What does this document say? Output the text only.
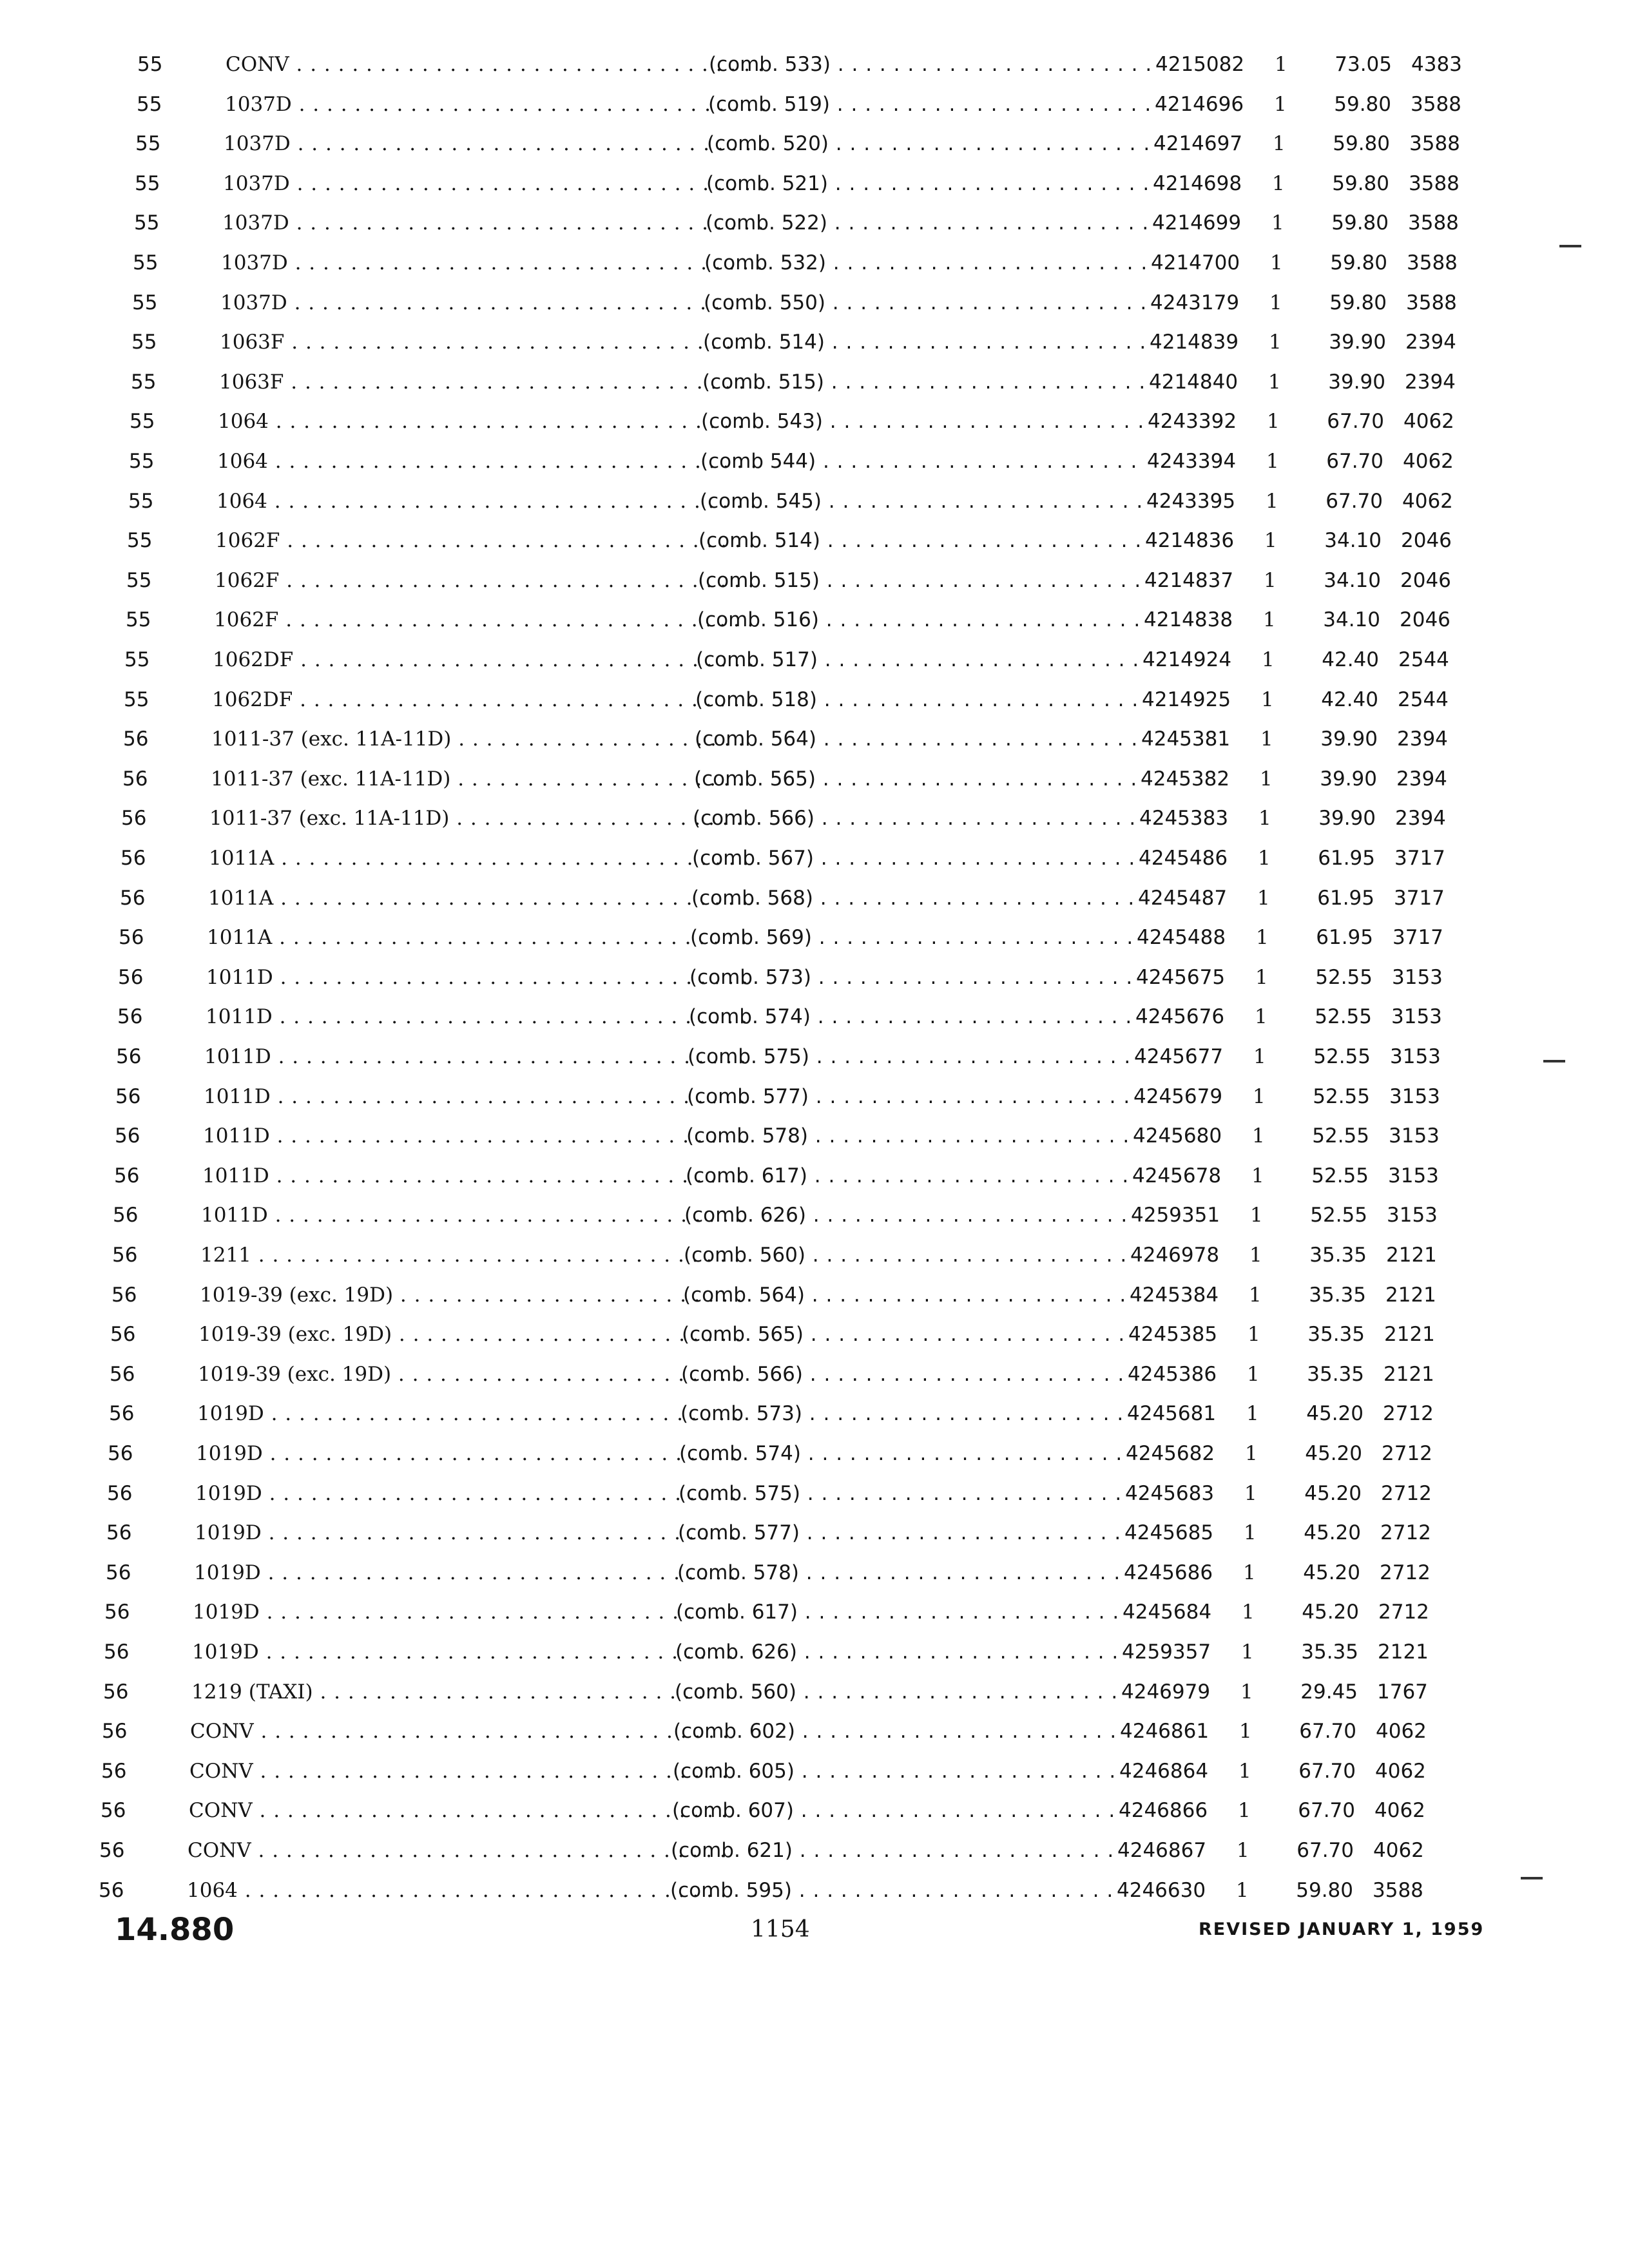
55	CONV . . .	(comb. 533) . . .	4215082 1	73.05 4383
55	1037D . . .	(comb. 519) . . .	4214696 1	59.80 3588
55	1037D . . .	(comb. 520) . . .	4214697 1	59.80 3588
55	1037D . . .	(comb. 521) . . .	4214698 1	59.80 3588
55	1037D . . .	(comb. 522) . . .	4214699 1	59.80 3588
55	1037D . . .	(comb. 532) . . .	4214700 1	59.80 3588
55	1037D . . .	(comb. 550) . . .	4243179 1	59.80 3588
55	1063F . . .	(comb. 514) . . .	4214839 1	39.90 2394
55	1063F . . .	(comb. 515) . . .	4214840 1	39.90 2394
55	1064 . . .	(comb. 543) . . .	4243392 1	67.70 4062
55	1064 . . .	(comb 544) . . .	4243394 1	67.70 4062
55	1064 . . .	(comb. 545) . . .	4243395 1	67.70 4062
55	1062F . . .	(comb. 514) . . .	4214836 1	34.10 2046
55	1062F . . .	(comb. 515) . . .	4214837 1	34.10 2046
55	1062F . . .	(comb. 516) . . .	4214838 1	34.10 2046
55	1062DF . . .	(comb. 517) . . .	4214924 1	42.40 2544
55	1062DF . . .	(comb. 518) . . .	4214925 1	42.40 2544
56	1011-37 (exc. 11A-11D) . . .	(comb. 564) . . .	4245381 1	39.90 2394
56	1011-37 (exc. 11A-11D) . . .	(comb. 565) . . .	4245382 1	39.90 2394
56	1011-37 (exc. 11A-11D) . . .	(comb. 566) . . .	4245383 1	39.90 2394
56	1011A . . .	(comb. 567) . . .	4245486 1	61.95 3717
56	1011A . . .	(comb. 568) . . .	4245487 1	61.95 3717
56	1011A . . .	(comb. 569) . . .	4245488 1	61.95 3717
56	1011D . . .	(comb. 573) . . .	4245675 1	52.55 3153
56	1011D . . .	(comb. 574) . . .	4245676 1	52.55 3153
56	1011D . . .	(comb. 575) . . .	4245677 1	52.55 3153
56	1011D . . .	(comb. 577) . . .	4245679 1	52.55 3153
56	1011D . . .	(comb. 578) . . .	4245680 1	52.55 3153
56	1011D . . .	(comb. 617) . . .	4245678 1	52.55 3153
56	1011D . . .	(comb. 626) . . .	4259351 1	52.55 3153
56	1211 . . .	(comb. 560) . . .	4246978 1	35.35 2121
56	1019-39 (exc. 19D) . . .	(comb. 564) . . .	4245384 1	35.35 2121
56	1019-39 (exc. 19D) . . .	(comb. 565) . . .	4245385 1	35.35 2121
56	1019-39 (exc. 19D) . . .	(comb. 566) . . .	4245386 1	35.35 2121
56	1019D . . .	(comb. 573) . . .	4245681 1	45.20 2712
56	1019D . . .	(comb. 574) . . .	4245682 1	45.20 2712
56	1019D . . .	(comb. 575) . . .	4245683 1	45.20 2712
56	1019D . . .	(comb. 577) . . .	4245685 1	45.20 2712
56	1019D . . .	(comb. 578) . . .	4245686 1	45.20 2712
56	1019D . . .	(comb. 617) . . .	4245684 1	45.20 2712
56	1019D . . .	(comb. 626) . . .	4259357 1	35.35 2121
56	1219 (TAXI) . . .	(comb. 560) . . .	4246979 1	29.45 1767
56	CONV . . .	(comb. 602) . . .	4246861 1	67.70 4062
56	CONV . . .	(comb. 605) . . .	4246864 1	67.70 4062
56	CONV . . .	(comb. 607) . . .	4246866 1	67.70 4062
56	CONV . . .	(comb. 621) . . .	4246867 1	67.70 4062
56	1064 . . .	(comb. 595) . . .	4246630 1	59.80 3588
14.880	1154	REVISED JANUARY 1, 1959
